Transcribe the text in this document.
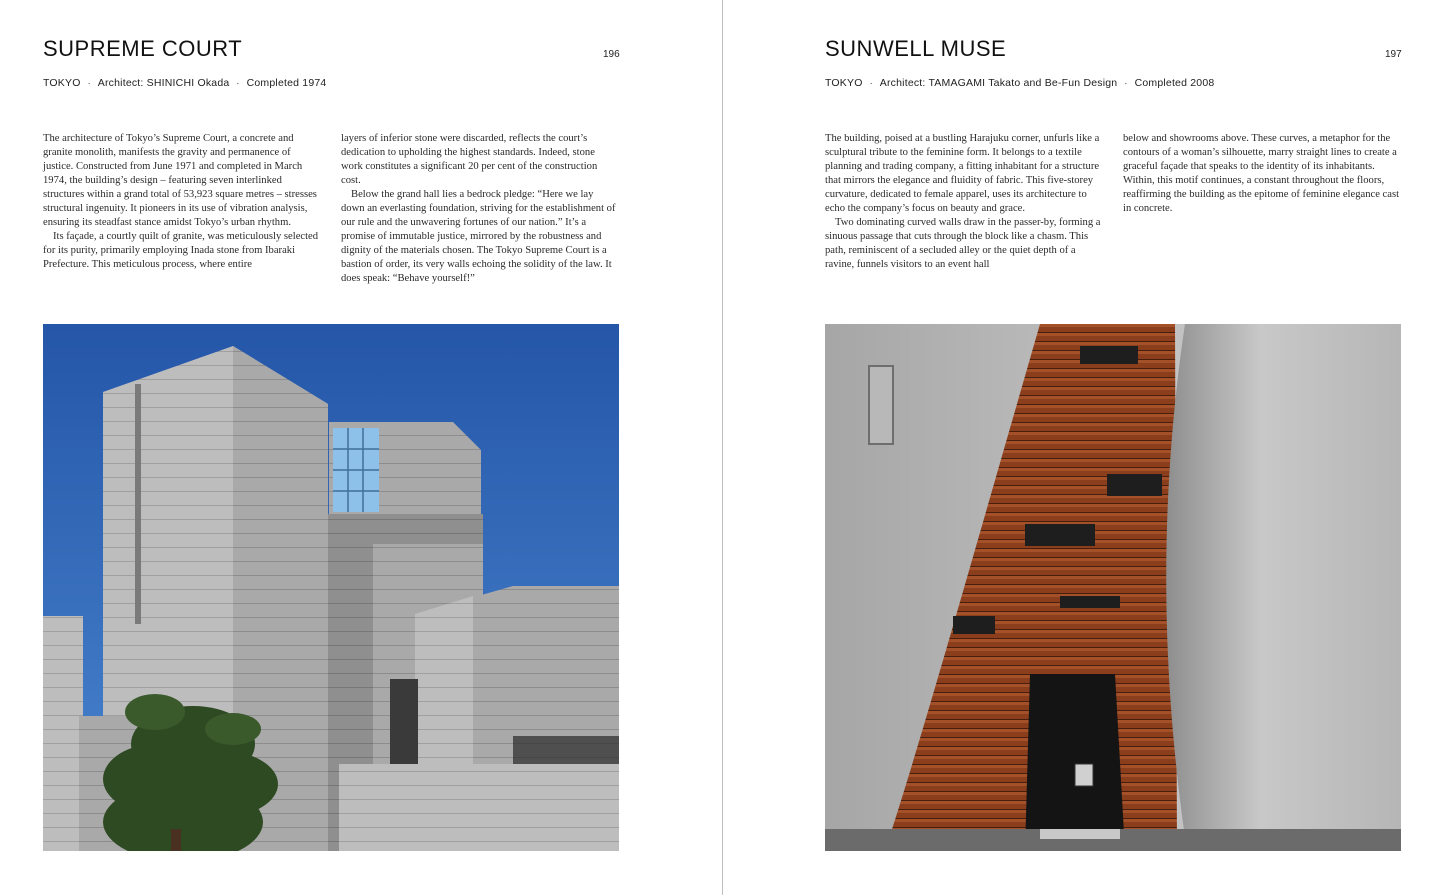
SUPREME COURT	196
TOKYO · Architect: SHINICHI Okada · Completed 1974

The architecture of Tokyo’s Supreme Court, a concrete and granite monolith, manifests the gravity and permanence of justice. Constructed from June 1971 and completed in March 1974, the building’s design – featuring seven interlinked structures within a grand total of 53,923 square metres – stresses structural ingenuity. It pioneers in its use of vibration analysis, ensuring its steadfast stance amidst Tokyo’s urban rhythm.

Its façade, a courtly quilt of granite, was meticulously selected for its purity, primarily employing Inada stone from Ibaraki Prefecture. This meticulous process, where entire

layers of inferior stone were discarded, reflects the court’s dedication to upholding the highest standards. Indeed, stone work constitutes a significant 20 per cent of the construction cost.

Below the grand hall lies a bedrock pledge: “Here we lay down an everlasting foundation, striving for the establishment of our rule and the unwavering fortunes of our nation.” It’s a promise of immutable justice, mirrored by the robustness and dignity of the materials chosen. The Tokyo Supreme Court is a bastion of order, its very walls echoing the solidity of the law. It does speak: “Behave yourself!”

SUNWELL MUSE	197
TOKYO · Architect: TAMAGAMI Takato and Be-Fun Design · Completed 2008

The building, poised at a bustling Harajuku corner, unfurls like a sculptural tribute to the feminine form. It belongs to a textile planning and trading company, a fitting inhabitant for a structure that mirrors the elegance and fluidity of fabric. This five-storey curvature, dedicated to female apparel, uses its architecture to echo the company’s focus on beauty and grace.

Two dominating curved walls draw in the passer-by, forming a sinuous passage that cuts through the block like a chasm. This path, reminiscent of a secluded alley or the quiet depth of a ravine, funnels visitors to an event hall

below and showrooms above. These curves, a metaphor for the contours of a woman’s silhouette, marry straight lines to create a graceful façade that speaks to the identity of its inhabitants. Within, this motif continues, a constant throughout the floors, reaffirming the building as the epitome of feminine elegance cast in concrete.
